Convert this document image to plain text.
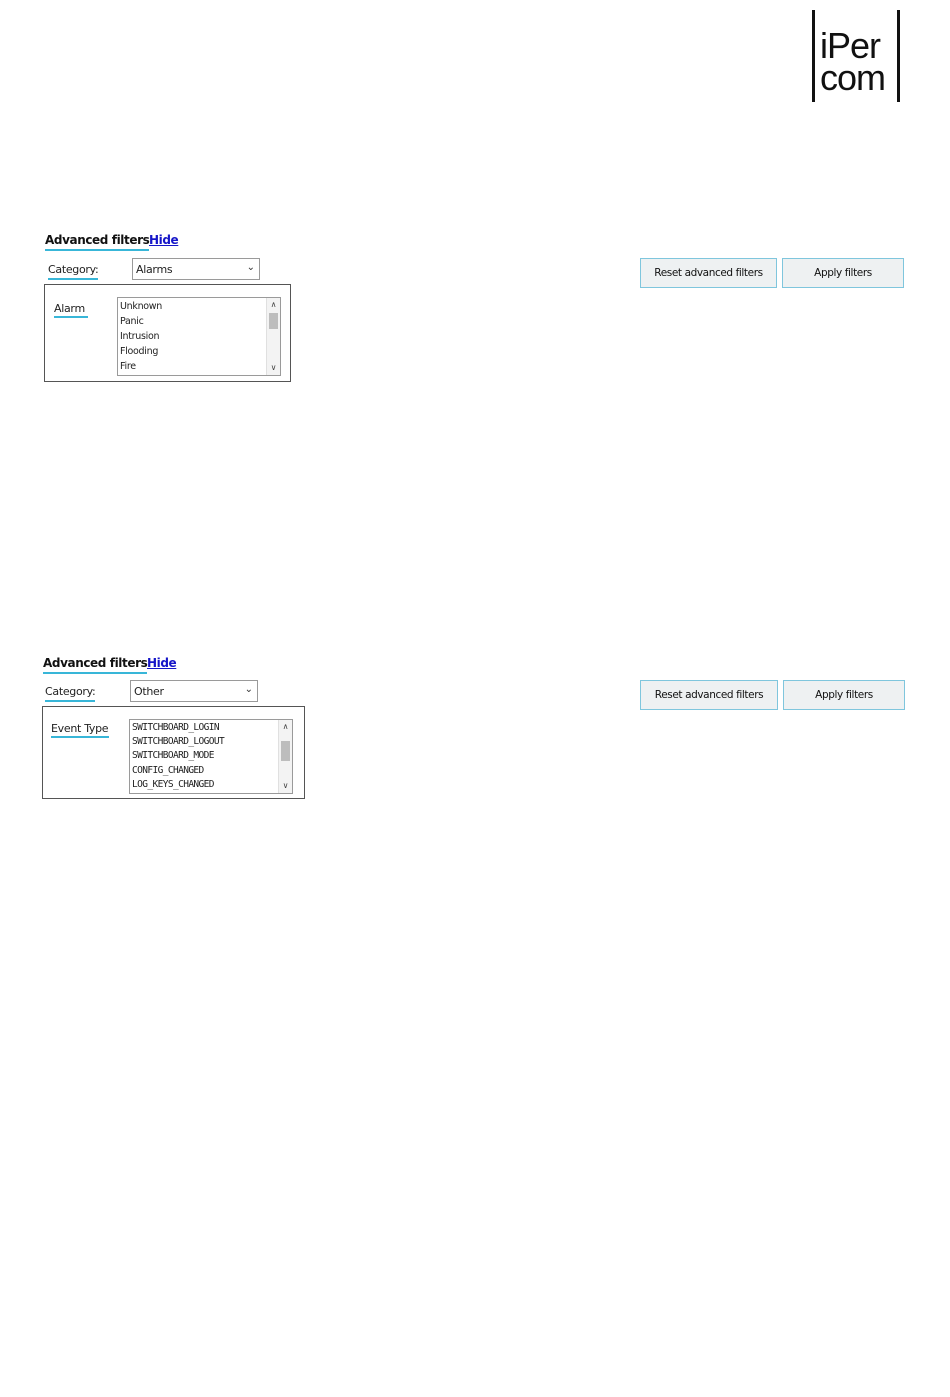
iPer
com
Advanced filters Hide
Category:	Alarms	⌄
Alarm	Unknown
Panic
Intrusion
Flooding
Fire
∧
∨
Reset advanced filters	Apply filters
Advanced filters Hide
Category:	Other	⌄
Event Type SWITCHBOARD_LOGIN
SWITCHBOARD_LOGOUT
SWITCHBOARD_MODE
CONFIG_CHANGED
LOG_KEYS_CHANGED
∧
∨
Reset advanced filters	Apply filters
